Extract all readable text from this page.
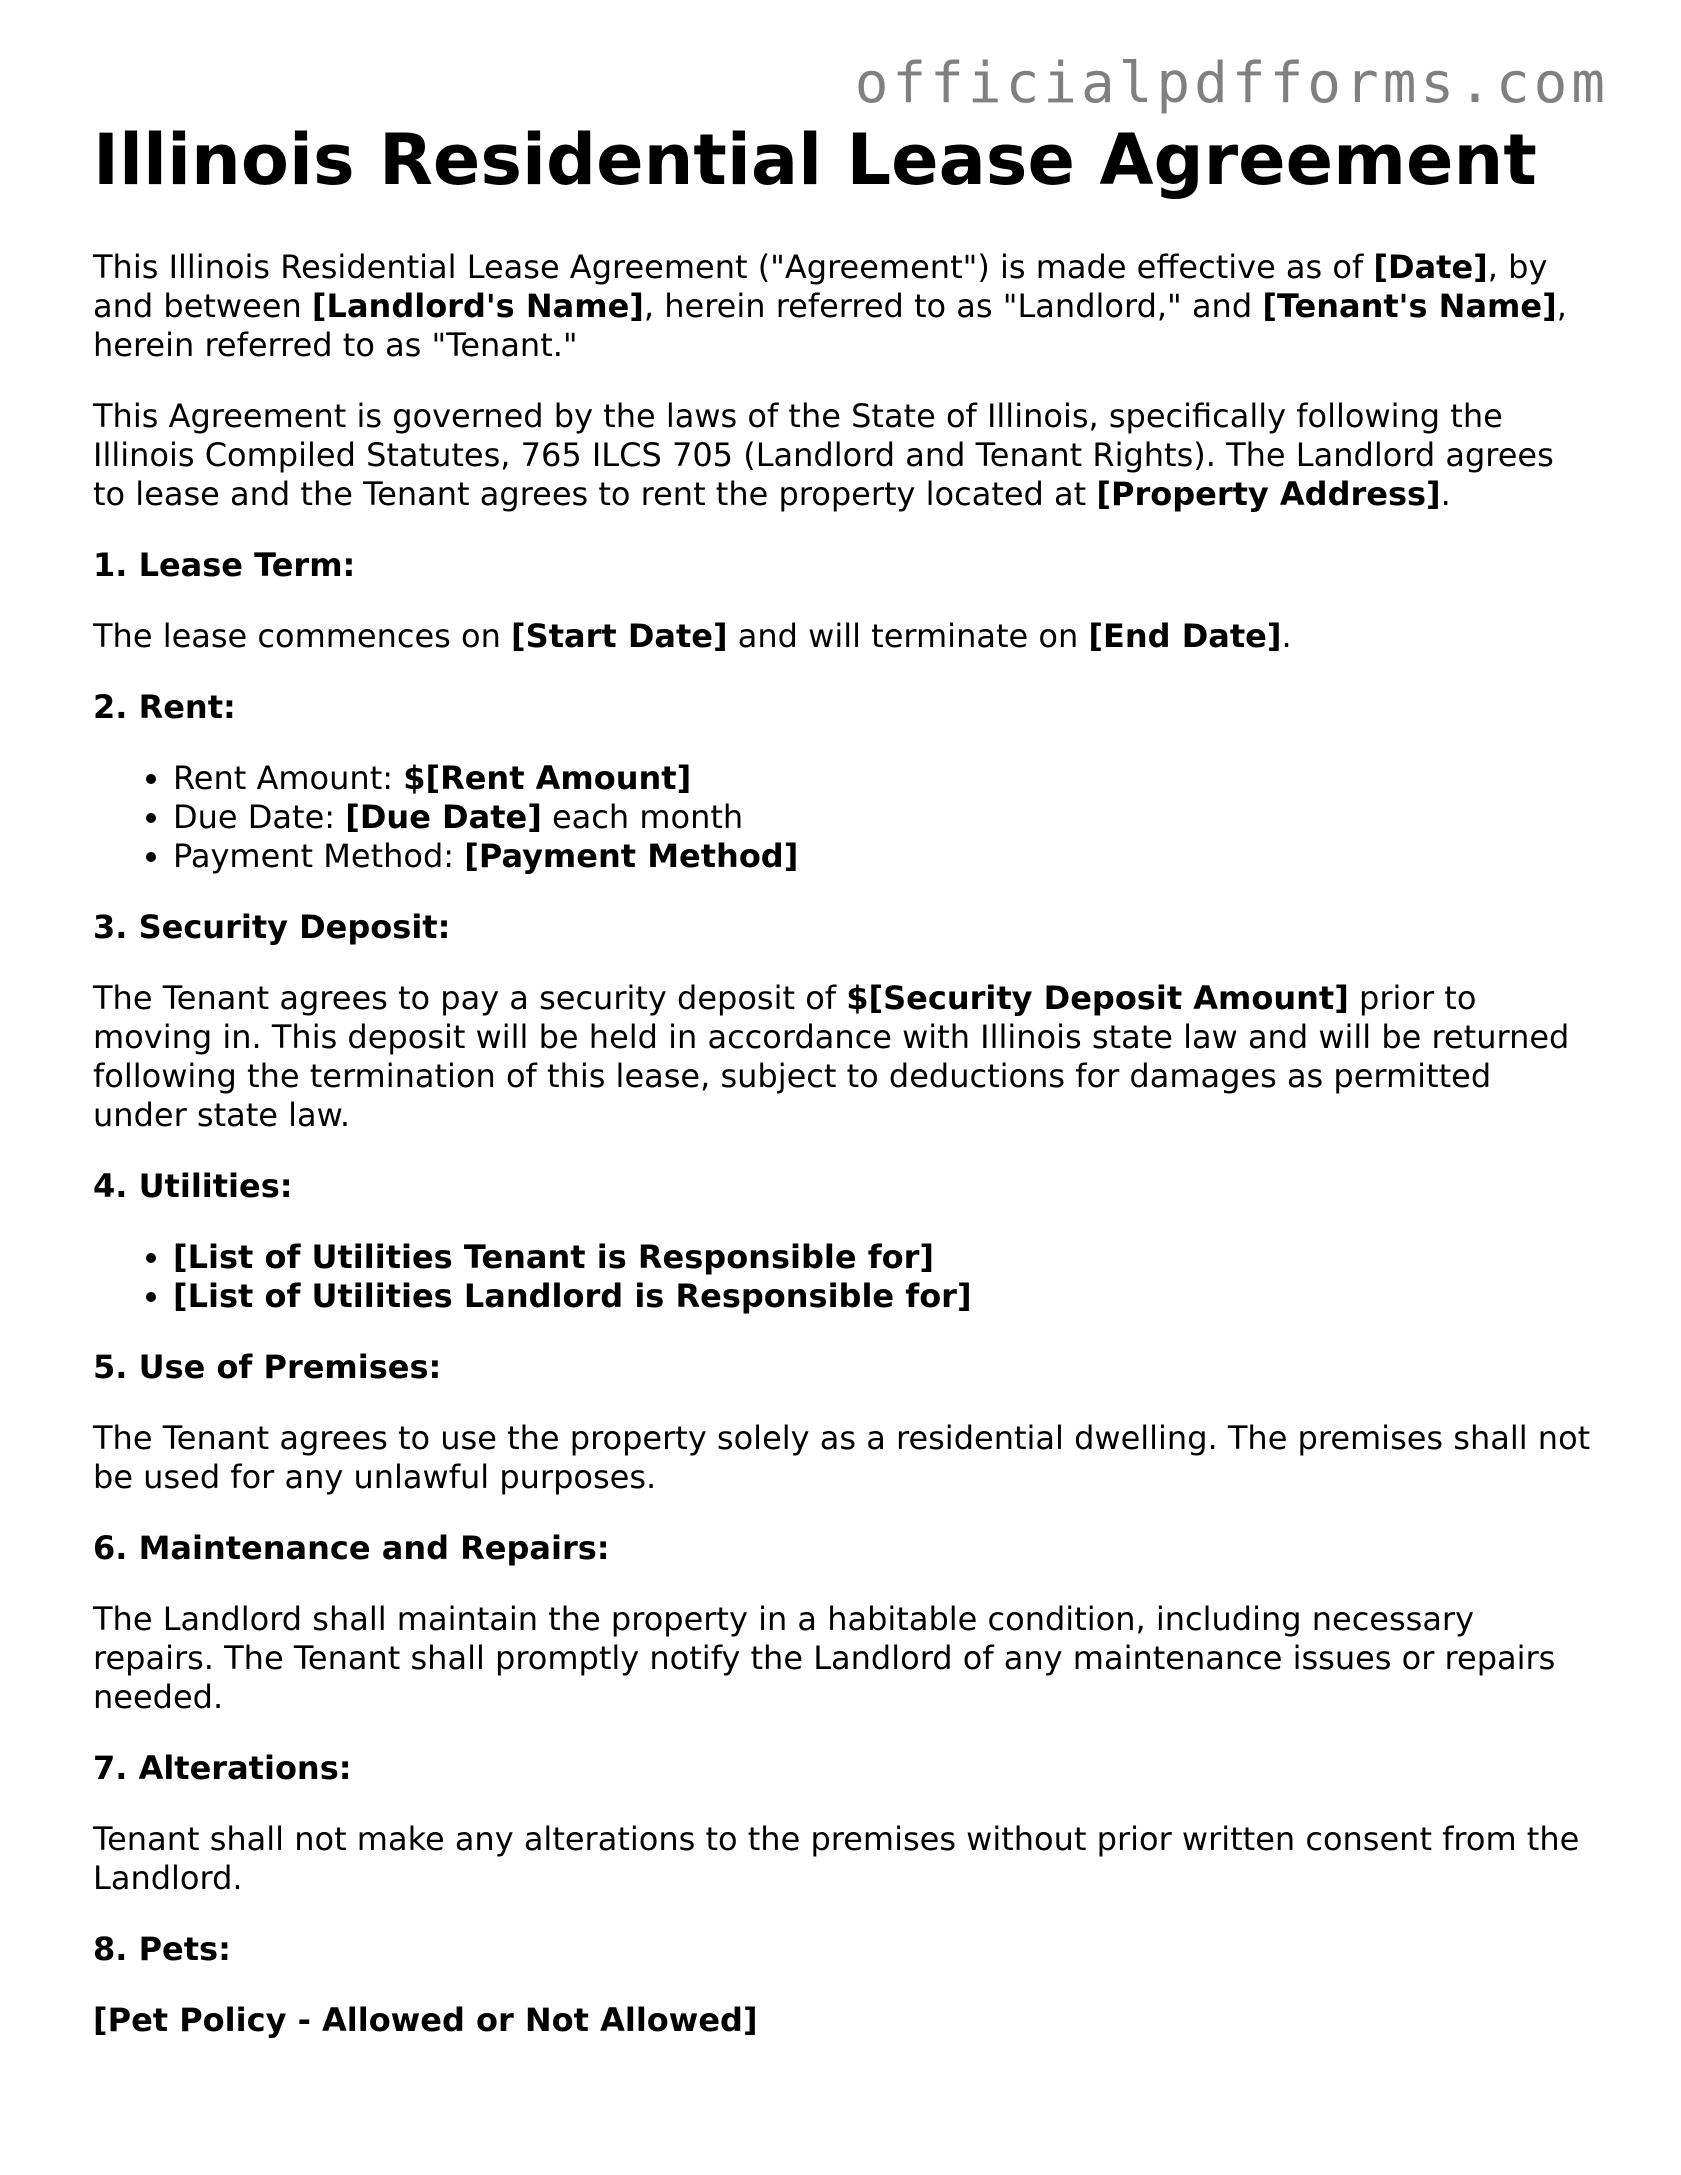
officialpdfforms.com
Illinois Residential Lease Agreement

This Illinois Residential Lease Agreement ("Agreement") is made effective as of [Date], by and between [Landlord's Name], herein referred to as "Landlord," and [Tenant's Name], herein referred to as "Tenant."

This Agreement is governed by the laws of the State of Illinois, specifically following the Illinois Compiled Statutes, 765 ILCS 705 (Landlord and Tenant Rights). The Landlord agrees to lease and the Tenant agrees to rent the property located at [Property Address].

1. Lease Term:

The lease commences on [Start Date] and will terminate on [End Date].

2. Rent:
• Rent Amount: $[Rent Amount]
• Due Date: [Due Date] each month
• Payment Method: [Payment Method]
3. Security Deposit:

The Tenant agrees to pay a security deposit of $[Security Deposit Amount] prior to moving in. This deposit will be held in accordance with Illinois state law and will be returned following the termination of this lease, subject to deductions for damages as permitted under state law.

4. Utilities:
• [List of Utilities Tenant is Responsible for]
• [List of Utilities Landlord is Responsible for]
5. Use of Premises:

The Tenant agrees to use the property solely as a residential dwelling. The premises shall not be used for any unlawful purposes.

6. Maintenance and Repairs:

The Landlord shall maintain the property in a habitable condition, including necessary repairs. The Tenant shall promptly notify the Landlord of any maintenance issues or repairs needed.

7. Alterations:

Tenant shall not make any alterations to the premises without prior written consent from the Landlord.

8. Pets:

[Pet Policy - Allowed or Not Allowed]
